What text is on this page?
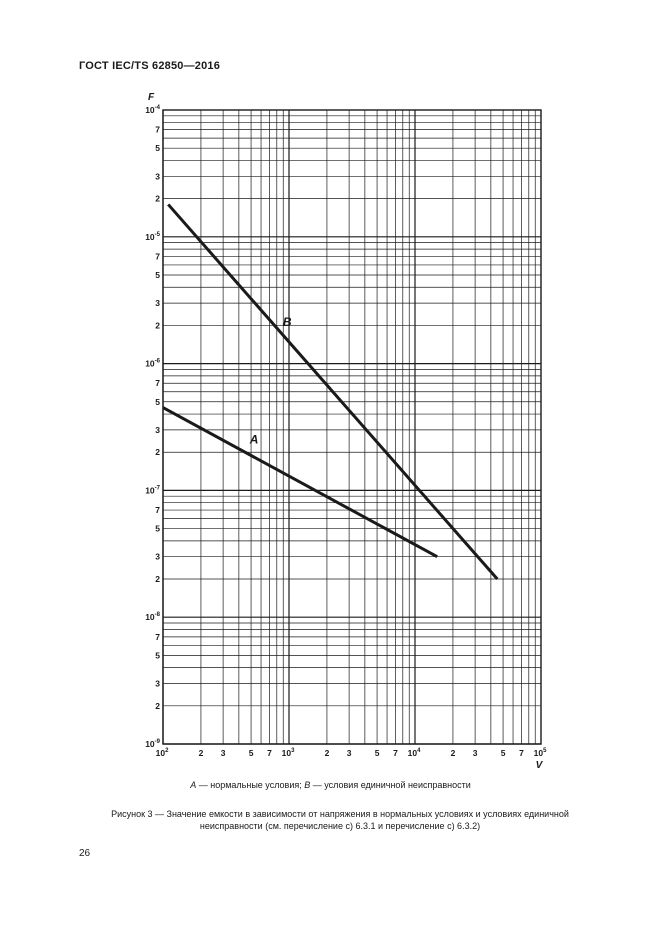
ГОСТ IEC/TS 62850—2016
$10^2$	$10^3$	$10^4$	$10^5$
$10^{-9}$
$10^{-8}$
$10^{-7}$
$10^{-6}$
$10^{-5}$
$10^{-4}$
2 3	5 7	2 3	5 7	2 3	5 7
2
3
5
7
2
3
5
7
2
3
5
7
2
3
5
7
2
3
5
7
V
F
A
B
A — нормальные условия; B — условия единичной неисправности
Рисунок 3 — Значение емкости в зависимости от напряжения в нормальных условиях и условиях единичной
неисправности (см. перечисление с) 6.3.1 и перечисление с) 6.3.2)
26
